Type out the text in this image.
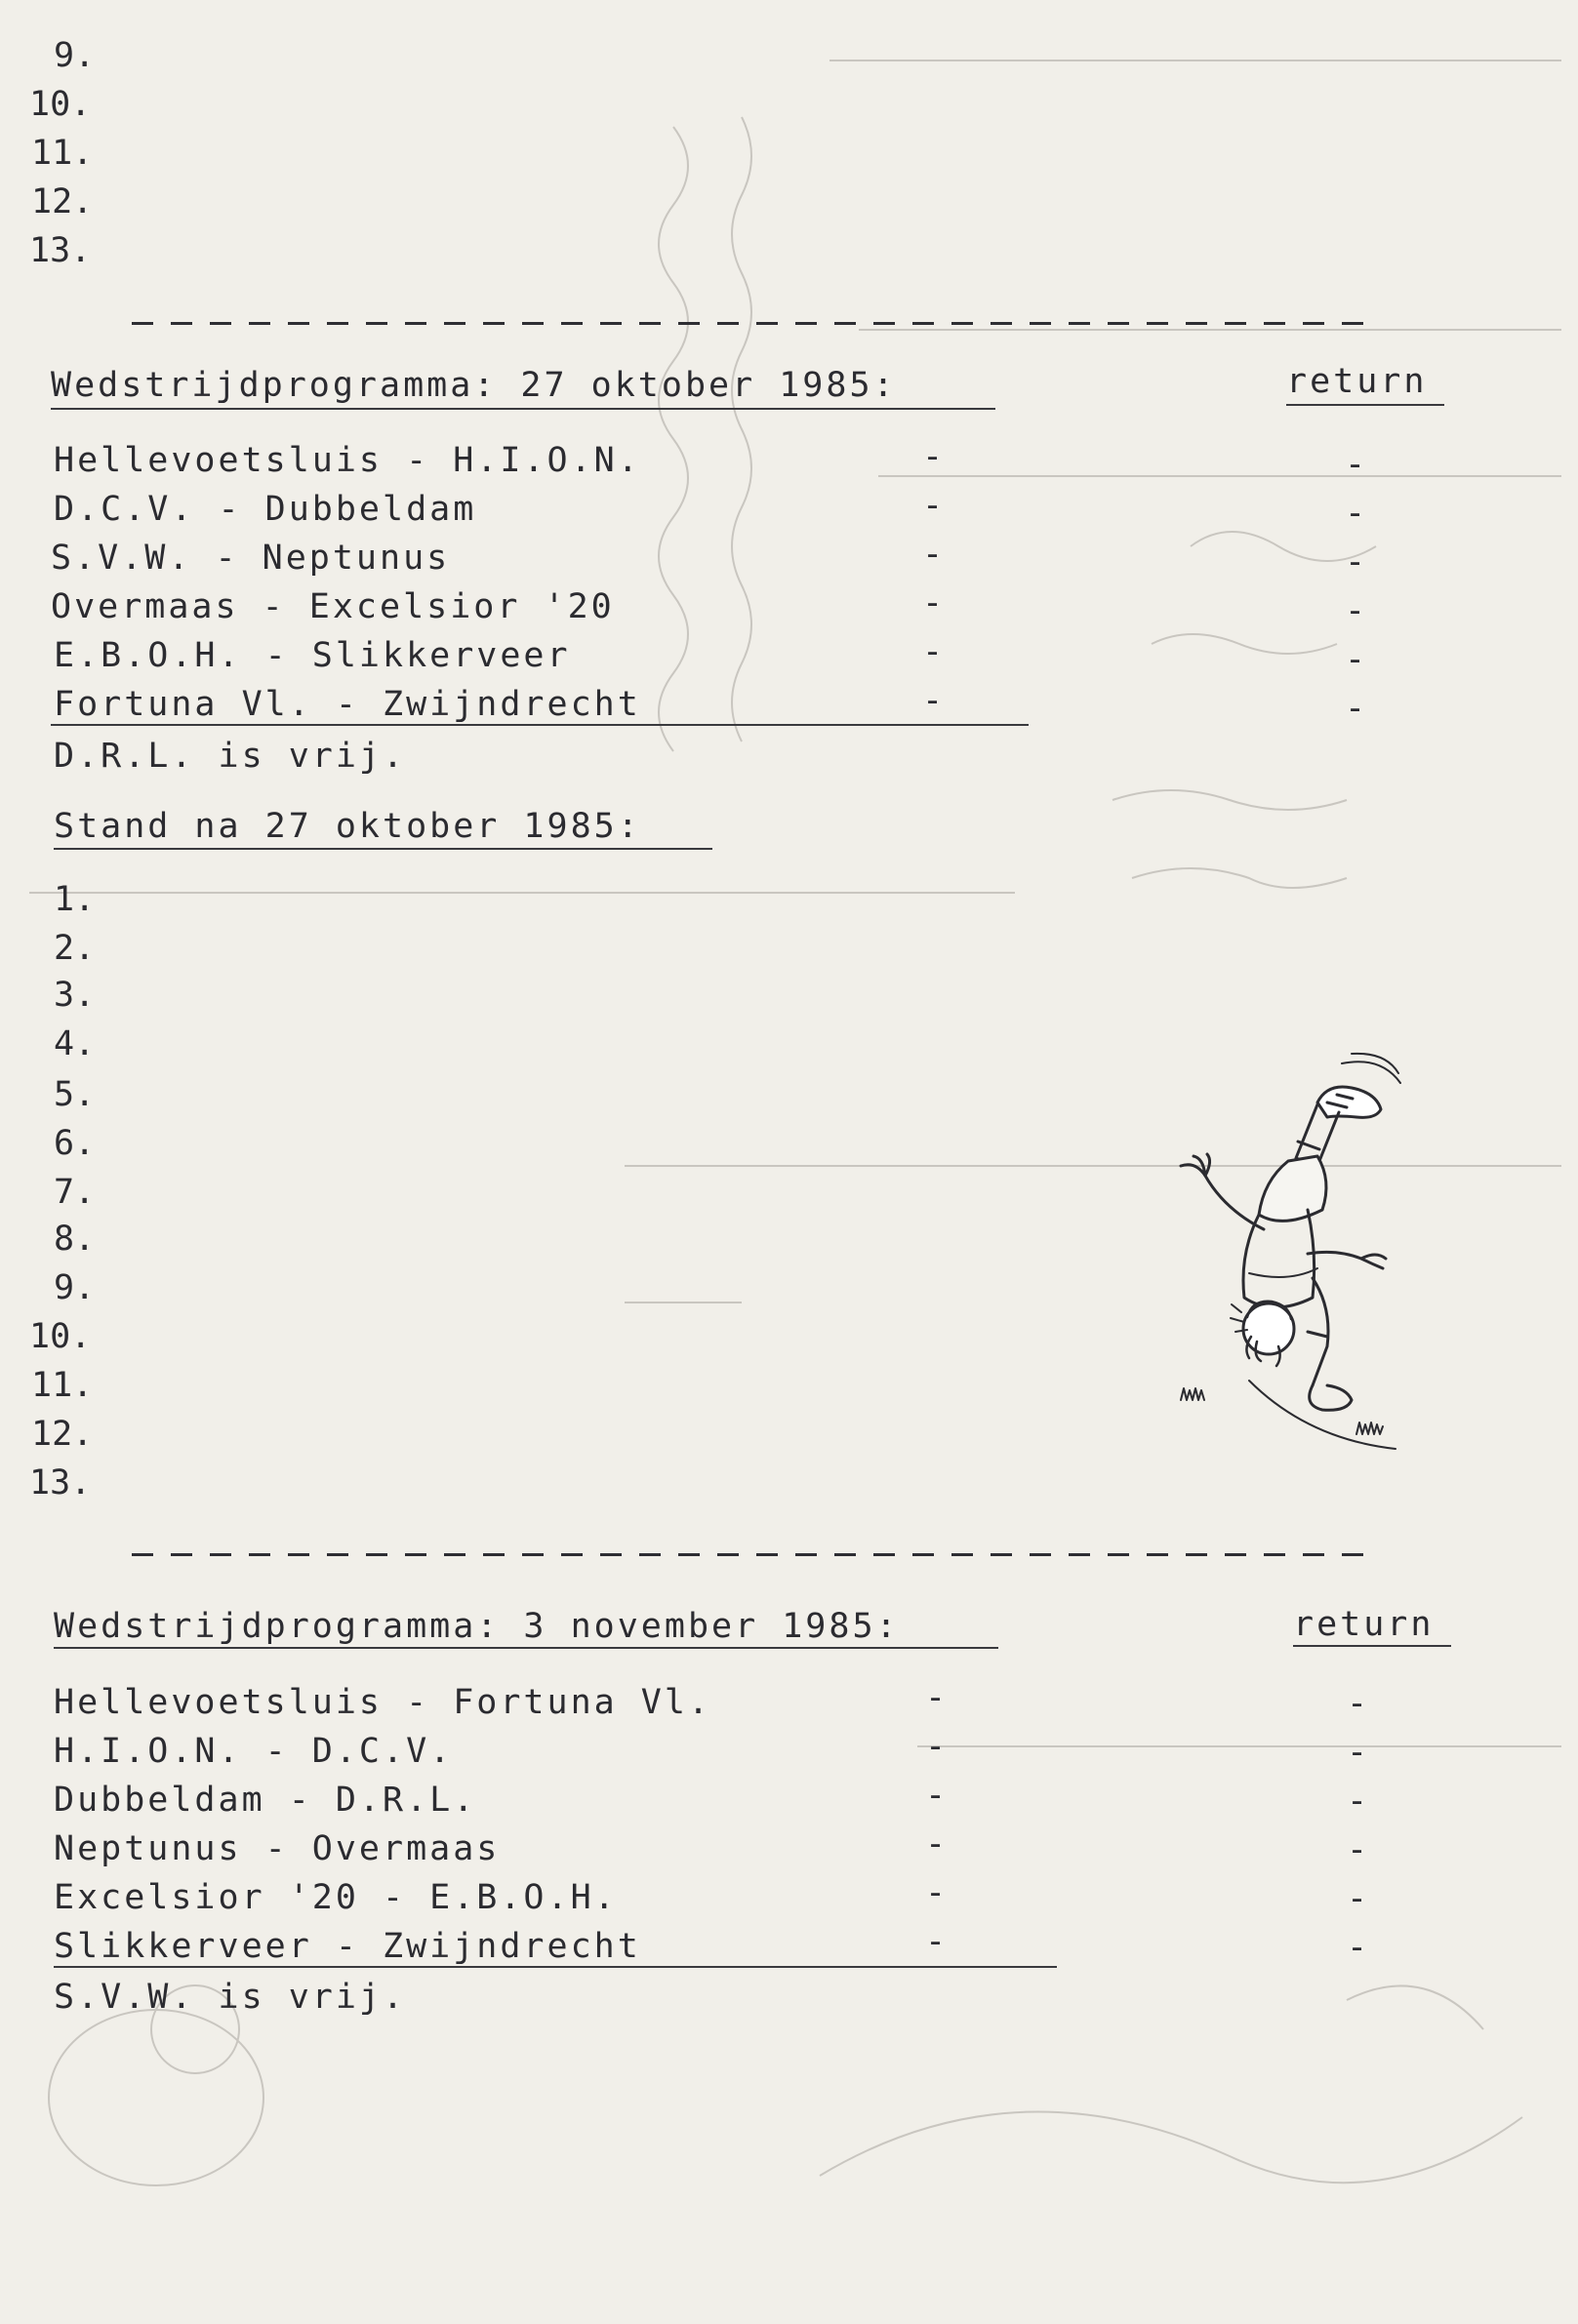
9.
10.
11.
12.
13.
Wedstrijdprogramma: 27 oktober 1985:	return
Hellevoetsluis - H.I.O.N.	-	-
D.C.V. - Dubbeldam	-	-
S.V.W. - Neptunus	-	-
Overmaas - Excelsior '20	-	-
E.B.O.H. - Slikkerveer	-	-
Fortuna Vl. - Zwijndrecht	-	-
D.R.L. is vrij.
Stand na 27 oktober 1985:
1.
2.
3.
4.
5.
6.
7.
8.
9.
10.
11.
12.
13.
Wedstrijdprogramma: 3 november 1985:	return
Hellevoetsluis - Fortuna Vl.	-	-
H.I.O.N. - D.C.V.	-	-
Dubbeldam - D.R.L.	-	-
Neptunus - Overmaas	-	-
Excelsior '20 - E.B.O.H.	-	-
Slikkerveer - Zwijndrecht	-	-
S.V.W. is vrij.
